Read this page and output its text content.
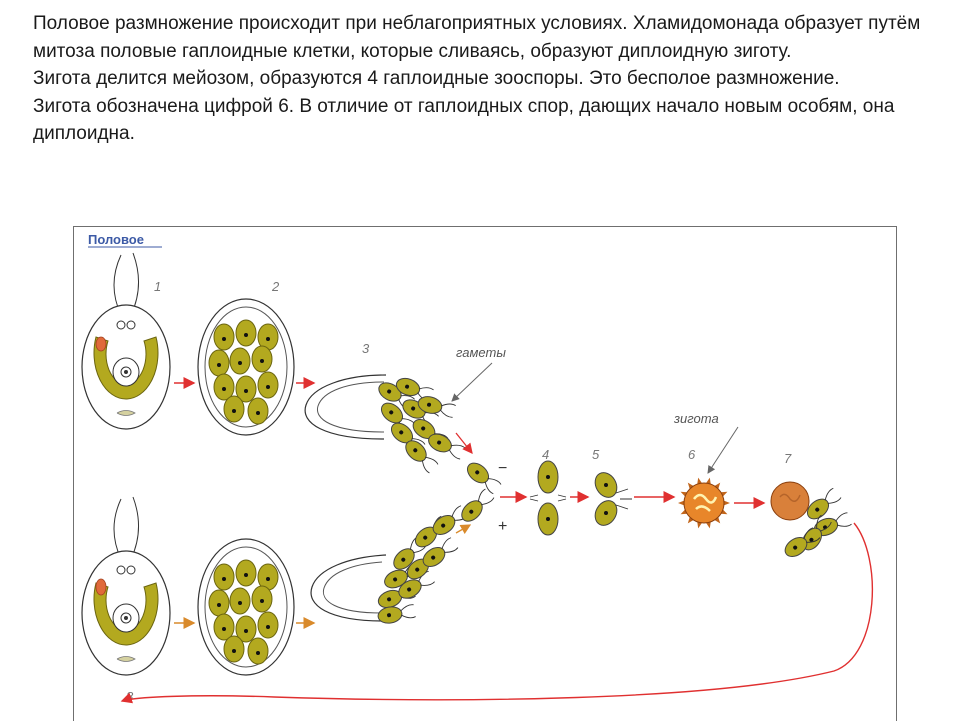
Половое размножение происходит при неблагоприятных условиях. Хламидомонада образует путём митоза половые гаплоидные клетки, которые сливаясь, образуют диплоидную зиготу.

Зигота делится мейозом, образуются 4 гаплоидные зооспоры. Это бесполое размножение.

Зигота обозначена цифрой 6. В отличие от гаплоидных спор, дающих начало новым особям, она диплоидна.

Половое
−
+
гаметы
зигота
1	2
3
4	5	6	7
8
